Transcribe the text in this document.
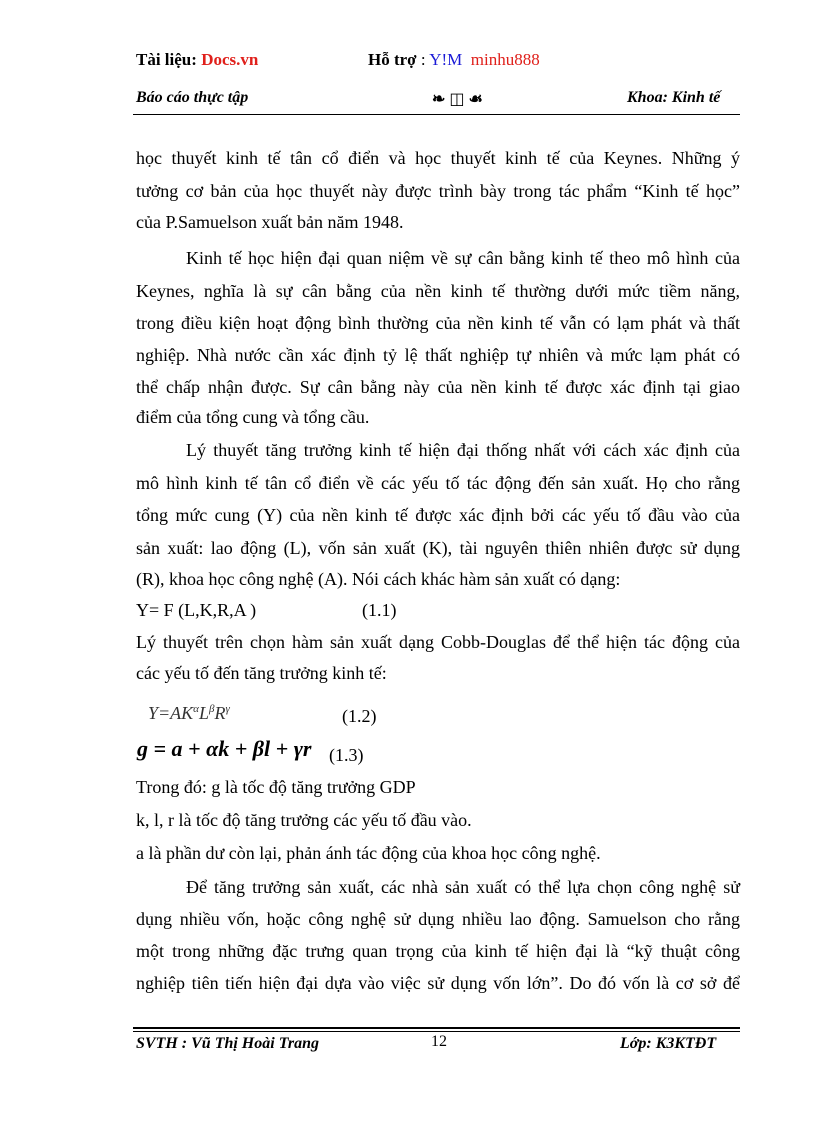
Tài liệu: Docs.vn	Hỗ trợ : Y!M minhu888
Báo cáo thực tập	❧ ◫ ☙	Khoa: Kinh tế
học thuyết kinh tế tân cổ điển và học thuyết kinh tế của Keynes. Những ý
tưởng cơ bản của học thuyết này được trình bày trong tác phẩm “Kinh tế học”
của P.Samuelson xuất bản năm 1948.
Kinh tế học hiện đại quan niệm về sự cân bằng kinh tế theo mô hình của
Keynes, nghĩa là sự cân bằng của nền kinh tế thường dưới mức tiềm năng,
trong điều kiện hoạt động bình thường của nền kinh tế vẫn có lạm phát và thất
nghiệp. Nhà nước cần xác định tỷ lệ thất nghiệp tự nhiên và mức lạm phát có
thể chấp nhận được. Sự cân bằng này của nền kinh tế được xác định tại giao
điểm của tổng cung và tổng cầu.
Lý thuyết tăng trưởng kinh tế hiện đại thống nhất với cách xác định của
mô hình kinh tế tân cổ điển về các yếu tố tác động đến sản xuất. Họ cho rằng
tổng mức cung (Y) của nền kinh tế được xác định bởi các yếu tố đầu vào của
sản xuất: lao động (L), vốn sản xuất (K), tài nguyên thiên nhiên được sử dụng
(R), khoa học công nghệ (A). Nói cách khác hàm sản xuất có dạng:
Y= F (L,K,R,A )	(1.1)
Lý thuyết trên chọn hàm sản xuất dạng Cobb-Douglas để thể hiện tác động của
các yếu tố đến tăng trưởng kinh tế:
$Y=AK^\alpha L^\beta R^\gamma$	(1.2)
g = a + αk + βl + γr (1.3)
Trong đó: g là tốc độ tăng trưởng GDP
k, l, r là tốc độ tăng trưởng các yếu tố đầu vào.
a là phần dư còn lại, phản ánh tác động của khoa học công nghệ.
Để tăng trưởng sản xuất, các nhà sản xuất có thể lựa chọn công nghệ sử
dụng nhiều vốn, hoặc công nghệ sử dụng nhiều lao động. Samuelson cho rằng
một trong những đặc trưng quan trọng của kinh tế hiện đại là “kỹ thuật công
nghiệp tiên tiến hiện đại dựa vào việc sử dụng vốn lớn”. Do đó vốn là cơ sở để
SVTH : Vũ Thị Hoài Trang	12	Lớp: K3KTĐT
